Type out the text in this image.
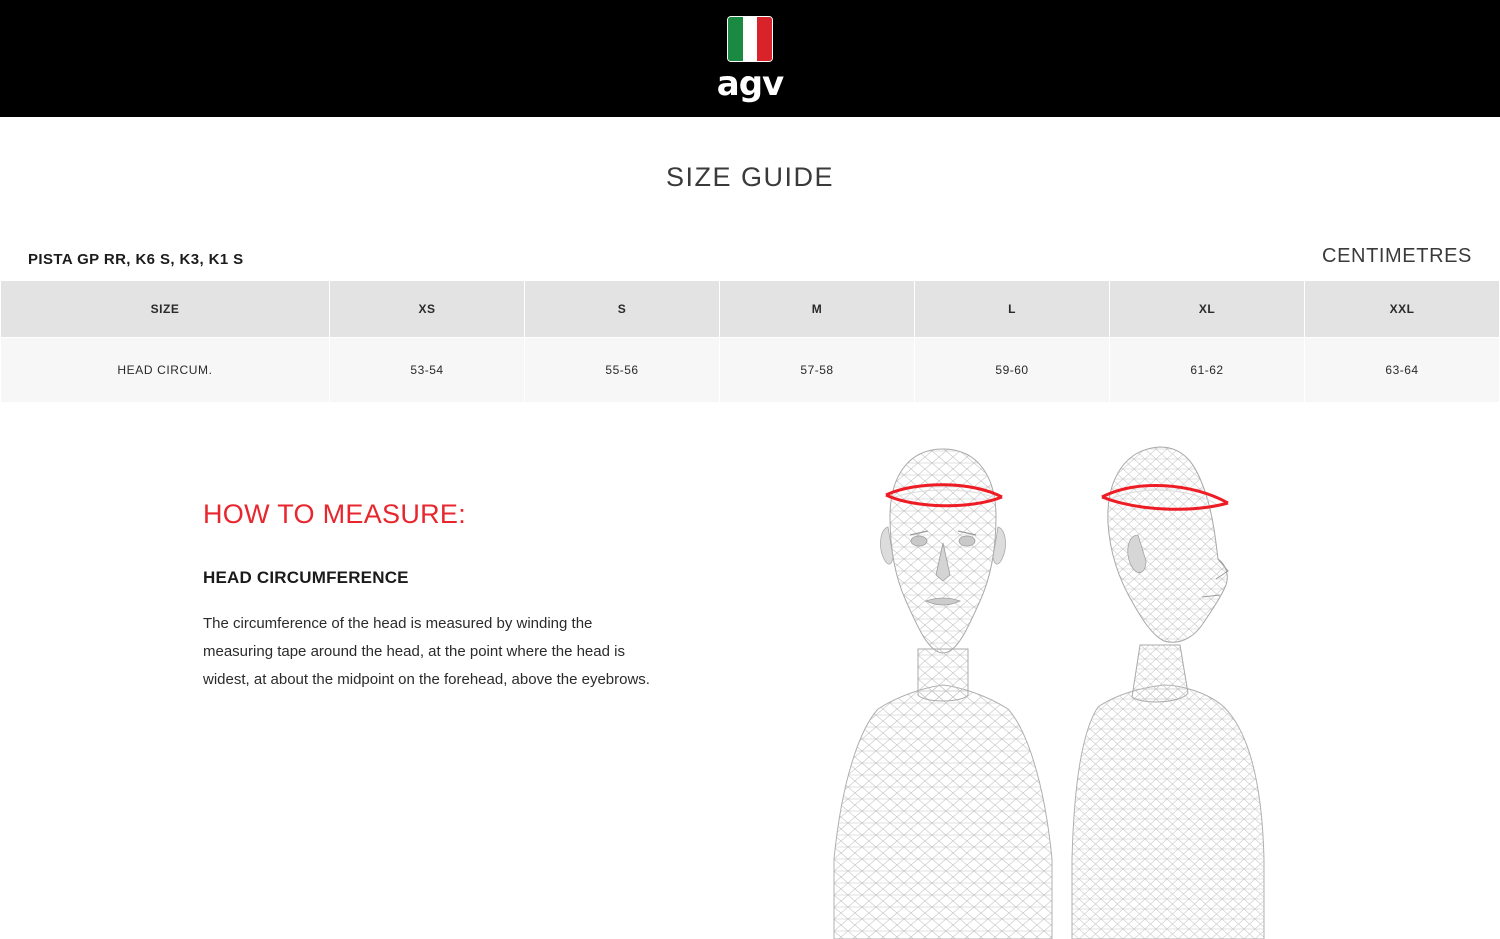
agv
SIZE GUIDE
PISTA GP RR, K6 S, K3, K1 S	CENTIMETRES
SIZE	XS	S	M	L	XL	XXL
HEAD CIRCUM.	53-54	55-56	57-58	59-60	61-62	63-64
HOW TO MEASURE:
HEAD CIRCUMFERENCE

The circumference of the head is measured by winding the measuring tape around the head, at the point where the head is widest, at about the midpoint on the forehead, above the eyebrows.
